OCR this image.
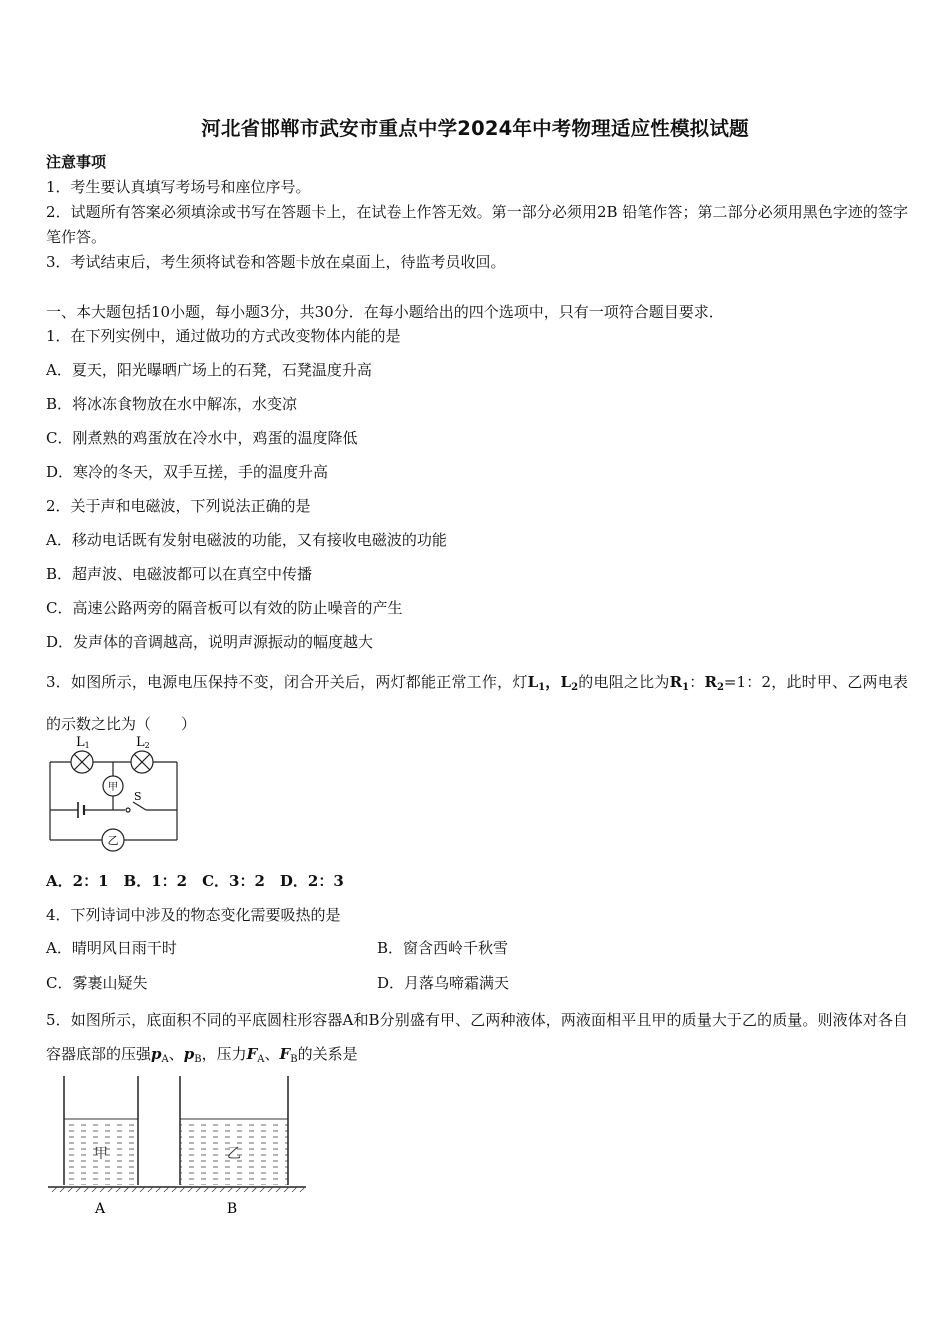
河北省邯郸市武安市重点中学2024年中考物理适应性模拟试题
注意事项
1．考生要认真填写考场号和座位序号。
2．试题所有答案必须填涂或书写在答题卡上，在试卷上作答无效。第一部分必须用2B 铅笔作答；第二部分必须用黑色字迹的签字笔作答。
3．考试结束后，考生须将试卷和答题卡放在桌面上，待监考员收回。
一、本大题包括10小题，每小题3分，共30分．在每小题给出的四个选项中，只有一项符合题目要求．
1．在下列实例中，通过做功的方式改变物体内能的是
A．夏天，阳光曝晒广场上的石凳，石凳温度升高
B．将冰冻食物放在水中解冻，水变凉
C．刚煮熟的鸡蛋放在冷水中，鸡蛋的温度降低
D．寒冷的冬天，双手互搓，手的温度升高
2．关于声和电磁波，下列说法正确的是
A．移动电话既有发射电磁波的功能，又有接收电磁波的功能
B．超声波、电磁波都可以在真空中传播
C．高速公路两旁的隔音板可以有效的防止噪音的产生
D．发声体的音调越高，说明声源振动的幅度越大
3．如图所示，电源电压保持不变，闭合开关后，两灯都能正常工作，灯$L_1$，$L_2$的电阻之比为$R_1$：$R_2=1$：2，此时甲、乙两电表的示数之比为（　　）
L1	L2
甲
乙
S
A．2：1　B．1：2　C．3：2　D．2：3
4．下列诗词中涉及的物态变化需要吸热的是
A．晴明风日雨干时	B．窗含西岭千秋雪
C．雾裹山疑失	D．月落乌啼霜满天
5．如图所示，底面积不同的平底圆柱形容器A和B分别盛有甲、乙两种液体，两液面相平且甲的质量大于乙的质量。则液体对各自容器底部的压强$p_A$、$p_B$，压力$F_A$、$F_B$的关系是
甲	乙
A	B
